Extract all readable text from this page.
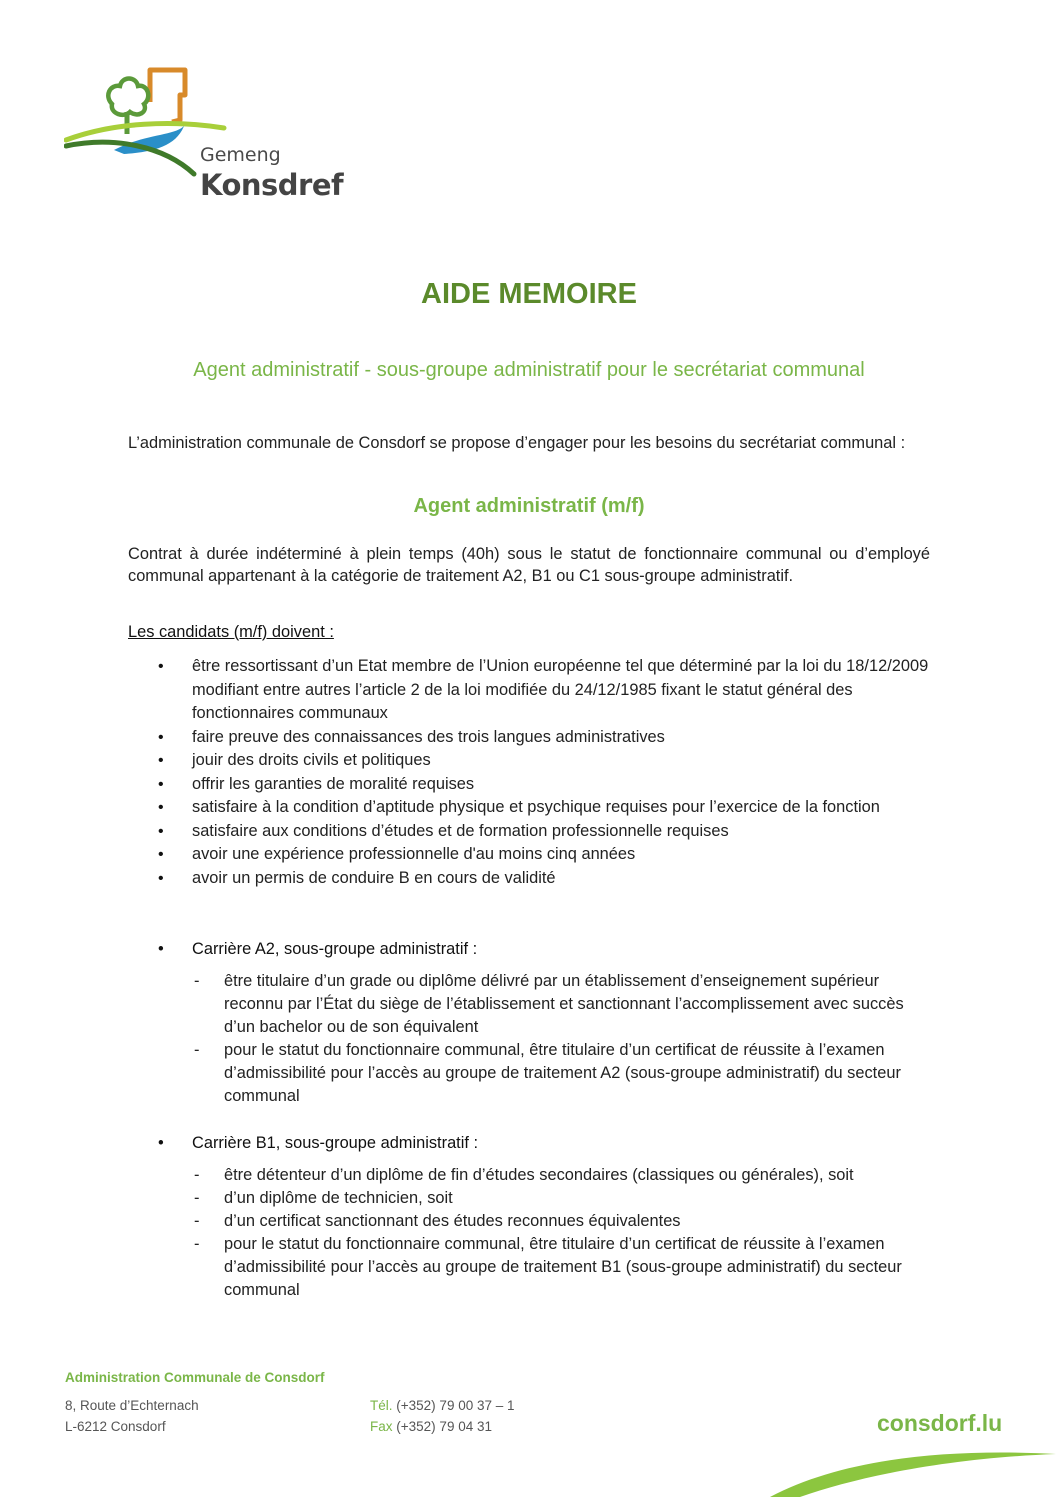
Gemeng
Konsdref
AIDE MEMOIRE
Agent administratif - sous-groupe administratif pour le secrétariat communal
L’administration communale de Consdorf se propose d’engager pour les besoins du secrétariat communal :
Agent administratif (m/f)
Contrat à durée indéterminé à plein temps (40h) sous le statut de fonctionnaire communal ou d’employé communal appartenant à la catégorie de traitement A2, B1 ou C1 sous-groupe administratif.
Les candidats (m/f) doivent :
• être ressortissant d’un Etat membre de l’Union européenne tel que déterminé par la loi du 18/12/2009 modifiant entre autres l’article 2 de la loi modifiée du 24/12/1985 fixant le statut général des fonctionnaires communaux
• faire preuve des connaissances des trois langues administratives
• jouir des droits civils et politiques
• offrir les garanties de moralité requises
• satisfaire à la condition d’aptitude physique et psychique requises pour l’exercice de la fonction
• satisfaire aux conditions d’études et de formation professionnelle requises
• avoir une expérience professionnelle d'au moins cinq années
• avoir un permis de conduire B en cours de validité
• Carrière A2, sous-groupe administratif :
- être titulaire d’un grade ou diplôme délivré par un établissement d’enseignement supérieur reconnu par l’État du siège de l’établissement et sanctionnant l’accomplissement avec succès d’un bachelor ou de son équivalent
- pour le statut du fonctionnaire communal, être titulaire d’un certificat de réussite à l’examen d’admissibilité pour l’accès au groupe de traitement A2 (sous-groupe administratif) du secteur communal
• Carrière B1, sous-groupe administratif :
- être détenteur d’un diplôme de fin d’études secondaires (classiques ou générales), soit
- d’un diplôme de technicien, soit
- d’un certificat sanctionnant des études reconnues équivalentes
- pour le statut du fonctionnaire communal, être titulaire d’un certificat de réussite à l’examen d’admissibilité pour l’accès au groupe de traitement B1 (sous-groupe administratif) du secteur communal
Administration Communale de Consdorf
8, Route d’Echternach
L-6212 Consdorf
Tél. (+352) 79 00 37 – 1
Fax (+352) 79 04 31	consdorf.lu
